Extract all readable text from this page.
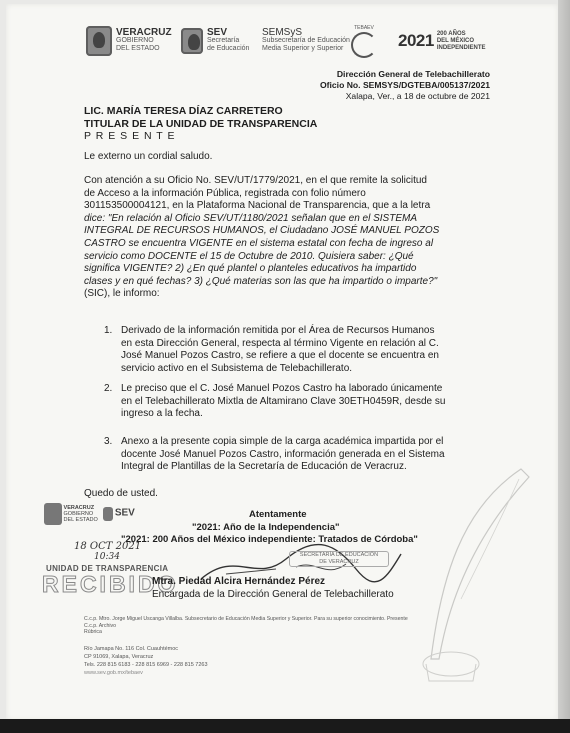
VERACRUZ
GOBIERNO
DEL ESTADO
SEV
Secretaría
de Educación
SEMSyS
Subsecretaría de Educación
Media Superior y Superior
TEBAEV
2021 200 AÑOS
DEL MÉXICO
INDEPENDIENTE
Dirección General de Telebachillerato
Oficio No. SEMSYS/DGTEBA/005137/2021
Xalapa, Ver., a 18 de octubre de 2021
LIC. MARÍA TERESA DÍAZ CARRETERO
TITULAR DE LA UNIDAD DE TRANSPARENCIA
P R E S E N T E
Le externo un cordial saludo.
Con atención a su Oficio No. SEV/UT/1779/2021, en el que remite la solicitud
de Acceso a la información Pública, registrada con folio número
301153500004121, en la Plataforma Nacional de Transparencia, que a la letra
dice: "En relación al Oficio SEV/UT/1180/2021 señalan que en el SISTEMA
INTEGRAL DE RECURSOS HUMANOS, el Ciudadano JOSÉ MANUEL POZOS
CASTRO se encuentra VIGENTE en el sistema estatal con fecha de ingreso al
servicio como DOCENTE el 15 de Octubre de 2010. Quisiera saber: ¿Qué
significa VIGENTE? 2) ¿En qué plantel o planteles educativos ha impartido
clases y en qué fechas? 3) ¿Qué materias son las que ha impartido o imparte?"
(SIC), le informo:
1. Derivado de la información remitida por el Área de Recursos Humanos
en esta Dirección General, respecta al término Vigente en relación al C.
José Manuel Pozos Castro, se refiere a que el docente se encuentra en
servicio activo en el Subsistema de Telebachillerato.
2. Le preciso que el C. José Manuel Pozos Castro ha laborado únicamente
en el Telebachillerato Mixtla de Altamirano Clave 30ETH0459R, desde su
ingreso a la fecha.
3. Anexo a la presente copia simple de la carga académica impartida por el
docente José Manuel Pozos Castro, información generada en el Sistema
Integral de Plantillas de la Secretaría de Educación de Veracruz.
Quedo de usted.
Atentamente
"2021: Año de la Independencia"
"2021: 200 Años del México independiente: Tratados de Córdoba"

VERACRUZ
GOBIERNO
DEL ESTADO
SEV
18 OCT 2021
10:34
UNIDAD DE TRANSPARENCIA
RECIBIDO
SECRETARÍA DE EDUCACIÓN
DE VERACRUZ
Mtra. Piedad Alcira Hernández Pérez
Encargada de la Dirección General de Telebachillerato
C.c.p. Mtro. Jorge Miguel Uscanga Villalba. Subsecretario de Educación Media Superior y Superior. Para su superior conocimiento. Presente
C.c.p. Archivo
Rúbrica
Río Jamapa No. 116 Col. Cuauhtémoc
CP 91069, Xalapa, Veracruz
Tels. 228 815 6183 - 228 815 6969 - 228 815 7263
www.sev.gob.mx/tebaev
